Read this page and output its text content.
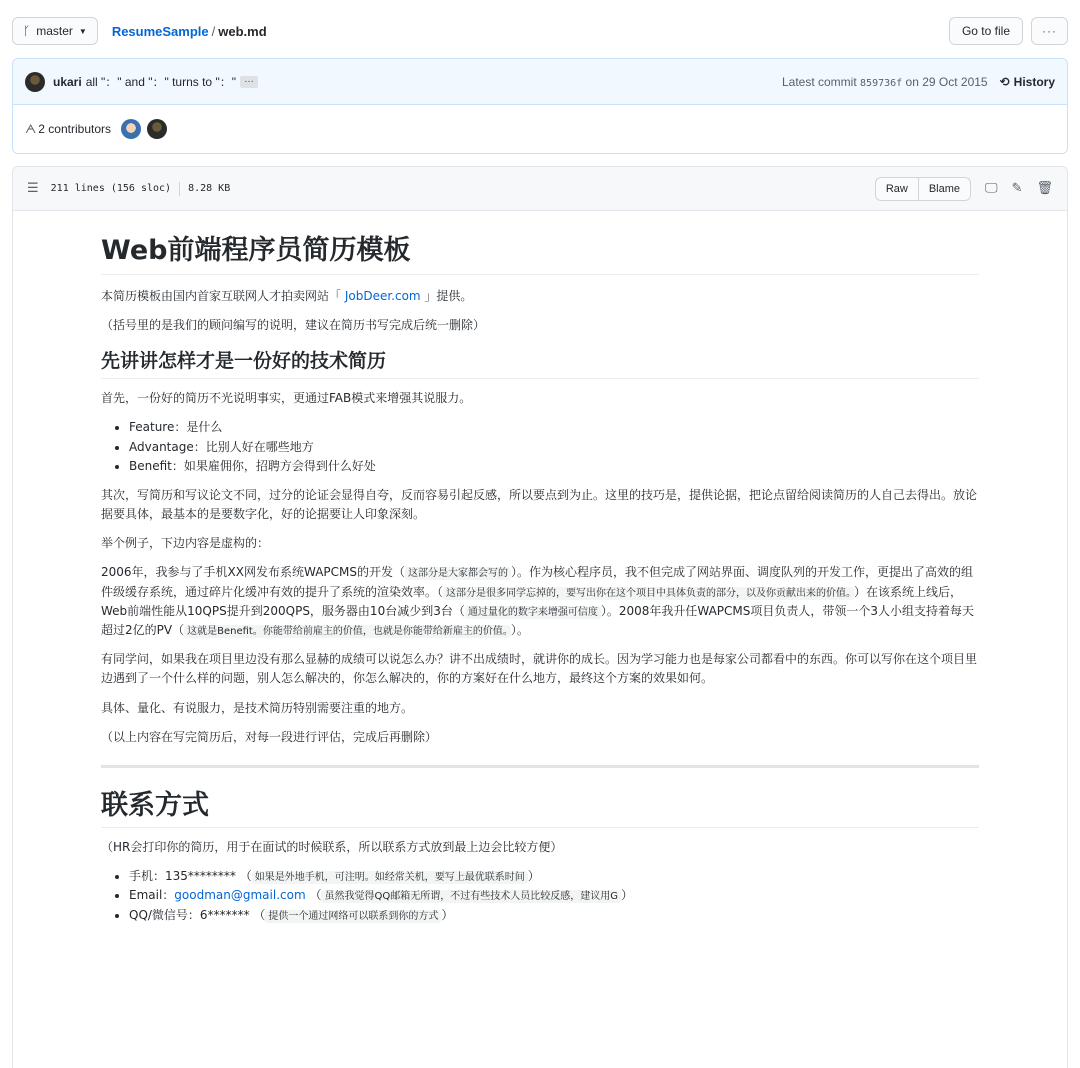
ᚴ master ▼ ResumeSample / web.md	Go to file	···
ukari all "：" and "：" turns to "：" …	Latest commit 859736f on 29 Oct 2015 ⟲ History
ᗅ 2 contributors
☰ 211 lines (156 sloc) 8.28 KB	Raw	Blame	🖵 ✎ 🗑
Web前端程序员简历模板

本简历模板由国内首家互联网人才拍卖网站「 JobDeer.com 」提供。

（括号里的是我们的顾问编写的说明，建议在简历书写完成后统一删除）

先讲讲怎样才是一份好的技术简历

首先，一份好的简历不光说明事实，更通过FAB模式来增强其说服力。

• Feature：是什么
• Advantage：比别人好在哪些地方
• Benefit：如果雇佣你，招聘方会得到什么好处

其次，写简历和写议论文不同，过分的论证会显得自夸，反而容易引起反感，所以要点到为止。这里的技巧是，提供论据，把论点留给阅读简历的人自己去得出。放论据要具体，最基本的是要数字化，好的论据要让人印象深刻。

举个例子，下边内容是虚构的：

2006年，我参与了手机XX网发布系统WAPCMS的开发（ 这部分是大家都会写的 ）。作为核心程序员，我不但完成了网站界面、调度队列的开发工作，更提出了高效的组件级缓存系统，通过碎片化缓冲有效的提升了系统的渲染效率。（ 这部分是很多同学忘掉的，要写出你在这个项目中具体负责的部分，以及你贡献出来的价值。 ）在该系统上线后，Web前端性能从10QPS提升到200QPS，服务器由10台减少到3台（ 通过量化的数字来增强可信度 ）。2008年我升任WAPCMS项目负责人，带领一个3人小组支持着每天超过2亿的PV（ 这就是Benefit。你能带给前雇主的价值，也就是你能带给新雇主的价值。 ）。

有同学问，如果我在项目里边没有那么显赫的成绩可以说怎么办？讲不出成绩时，就讲你的成长。因为学习能力也是每家公司都看中的东西。你可以写你在这个项目里边遇到了一个什么样的问题，别人怎么解决的，你怎么解决的，你的方案好在什么地方，最终这个方案的效果如何。

具体、量化、有说服力，是技术简历特别需要注重的地方。

（以上内容在写完简历后，对每一段进行评估，完成后再删除）

联系方式

（HR会打印你的简历，用于在面试的时候联系，所以联系方式放到最上边会比较方便）

• 手机：135******** （ 如果是外地手机，可注明。如经常关机，要写上最优联系时间 ）
• Email：goodman@gmail.com （ 虽然我觉得QQ邮箱无所谓，不过有些技术人员比较反感，建议用G ）
• QQ/微信号：6******* （ 提供一个通过网络可以联系到你的方式 ）
